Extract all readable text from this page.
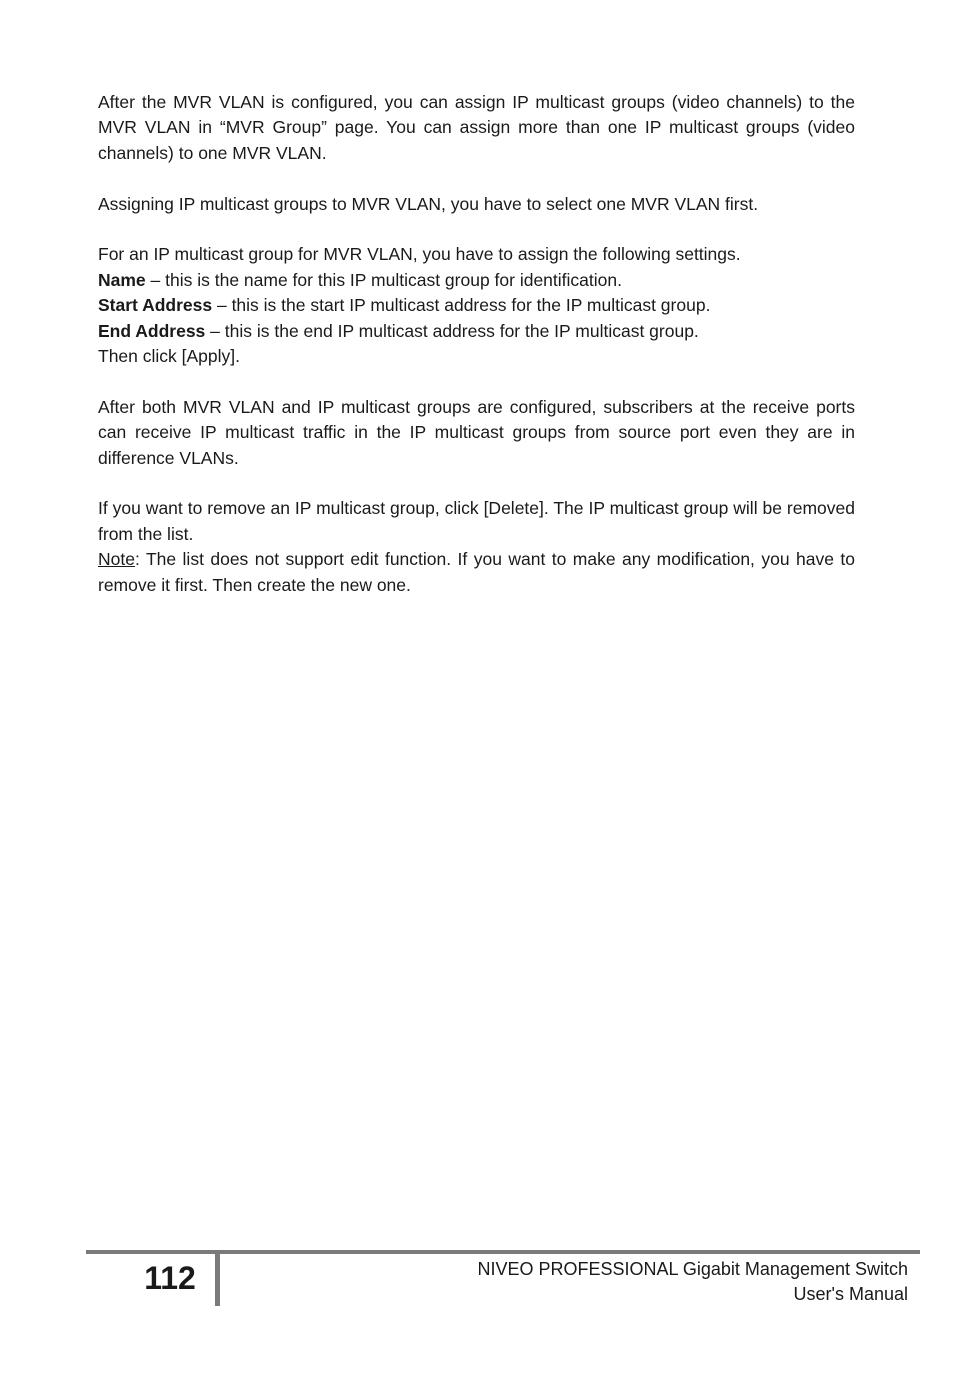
After the MVR VLAN is configured, you can assign IP multicast groups (video channels) to the MVR VLAN in “MVR Group” page. You can assign more than one IP multicast groups (video channels) to one MVR VLAN.

Assigning IP multicast groups to MVR VLAN, you have to select one MVR VLAN first.

For an IP multicast group for MVR VLAN, you have to assign the following settings.
Name – this is the name for this IP multicast group for identification.
Start Address – this is the start IP multicast address for the IP multicast group.
End Address – this is the end IP multicast address for the IP multicast group.
Then click [Apply].

After both MVR VLAN and IP multicast groups are configured, subscribers at the receive ports can receive IP multicast traffic in the IP multicast groups from source port even they are in difference VLANs.

If you want to remove an IP multicast group, click [Delete]. The IP multicast group will be removed from the list.

Note: The list does not support edit function. If you want to make any modification, you have to remove it first. Then create the new one.

112	NIVEO PROFESSIONAL Gigabit Management Switch
User's Manual
